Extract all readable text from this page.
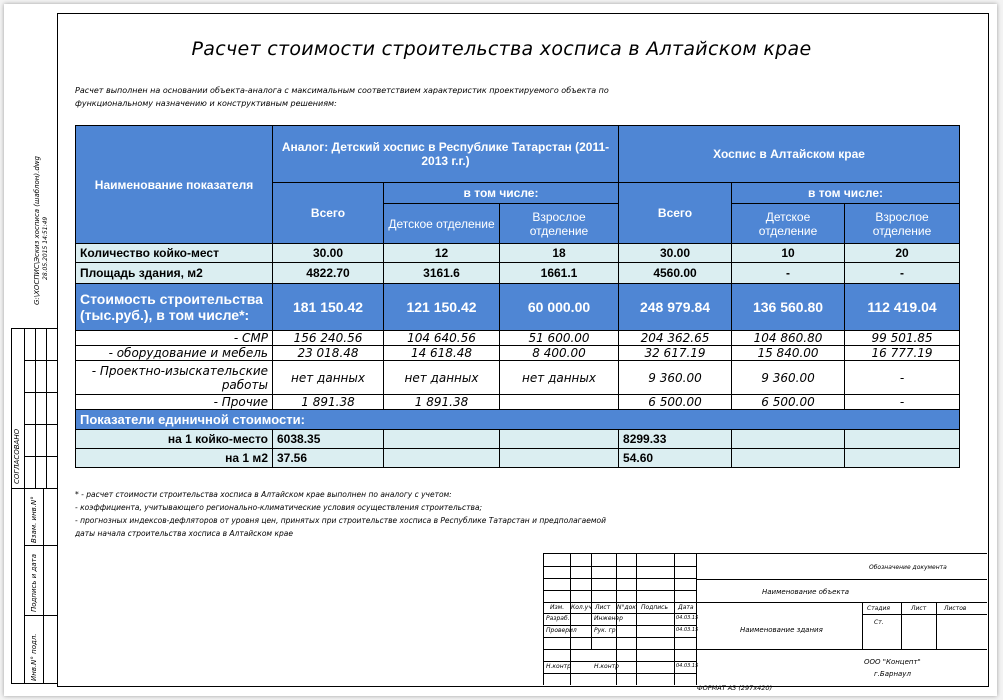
Расчет стоимости строительства хосписа в Алтайском крае
Расчет выполнен на основании объекта-аналога с максимальным соответствием характеристик проектируемого объекта по функциональному назначению и конструктивным решениям:
Наименование показателя	Аналог: Детский хоспис в Республике Татарстан (2011-2013 г.г.)			Хоспис в Алтайском крае		
	Всего	в том числе:		Всего	в том числе:	
		Детское отделение	Взрослое отделение		Детское отделение	Взрослое отделение
Количество койко-мест	30.00	12	18	30.00	10	20
Площадь здания, м2	4822.70	3161.6	1661.1	4560.00	-	-
Стоимость строительства (тыс.руб.), в том числе*:	181 150.42	121 150.42	60 000.00	248 979.84	136 560.80	112 419.04
- СМР	156 240.56	104 640.56	51 600.00	204 362.65	104 860.80	99 501.85
- оборудование и мебель	23 018.48	14 618.48	8 400.00	32 617.19	15 840.00	16 777.19
- Проектно-изыскательские работы	нет данных	нет данных	нет данных	9 360.00	9 360.00	-
- Прочие	1 891.38	1 891.38		6 500.00	6 500.00	-
Показатели единичной стоимости:						
на 1 койко-место	6038.35			8299.33		
на 1 м2	37.56			54.60		
* - расчет стоимости строительства хосписа в Алтайском крае выполнен по аналогу с учетом:
- коэффициента, учитывающего регионально-климатические условия осуществления строительства;
- прогнозных индексов-дефляторов от уровня цен, принятых при строительстве хосписа в Республике Татарстан и предполагаемой
даты начала строительства хосписа в Алтайском крае
Обозначение документа
Наименование объекта
Наименование здания
ООО "Концепт"
г.Барнаул
Изм. Кол.уч Лист N°док Подпись Дата
Разраб.	Инженер	04.03.15
Проверил	Рук. гр.	04.03.15
Н.контр	Н.контр	04.03.15
Стадия	Лист	Листов
Ст.
ФОРМАТ А3 (297x420)
G:\ХОСПИС\Эскиз хосписа (шаблон).dwg 28.05.2015 14:51:49
СОГЛАСОВАНО
Взам. инв.N°
Подпись и дата
Инв.N° подл.
